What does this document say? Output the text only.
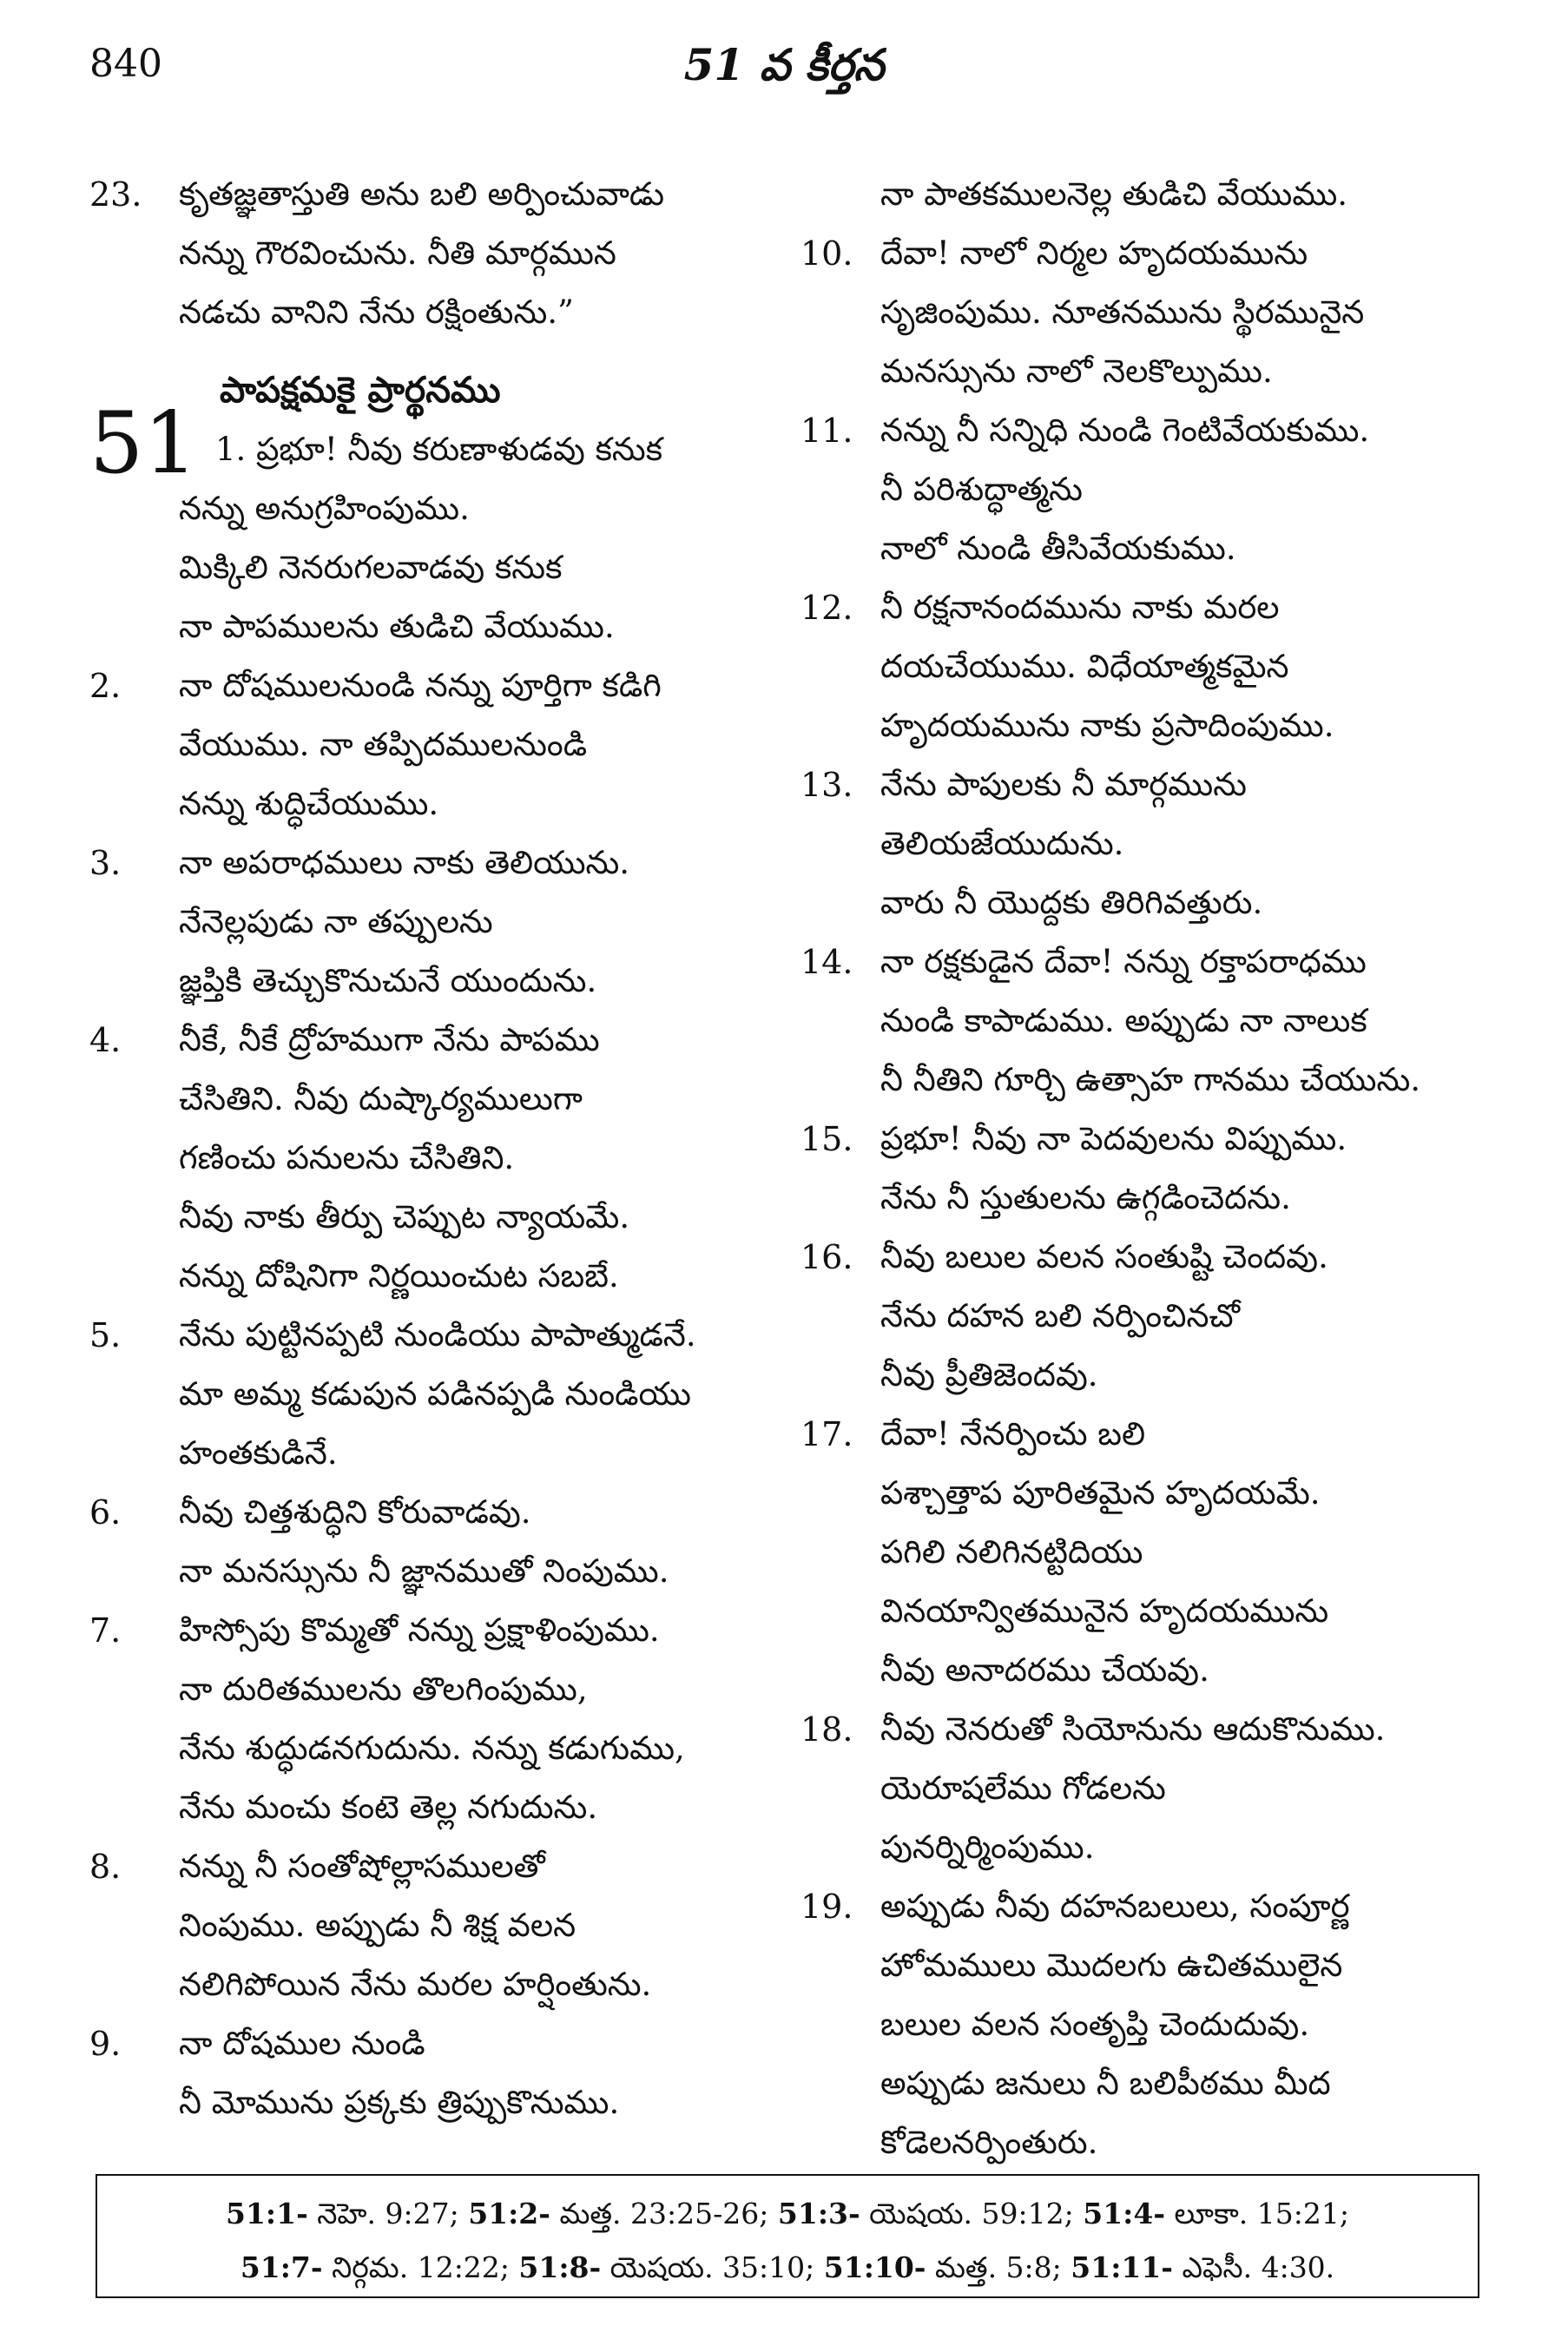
840	51 వ కీర్తన
23.	కృతజ్ఞతాస్తుతి అను బలి అర్పించువాడు
నన్ను గౌరవించును. నీతి మార్గమున
నడచు వానిని నేను రక్షింతును.”
పాపక్షమకై ప్రార్థనము
51 1. ప్రభూ! నీవు కరుణాళుడవు కనుక
నన్ను అనుగ్రహింపుము.
మిక్కిలి నెనరుగలవాడవు కనుక
నా పాపములను తుడిచి వేయుము.
2.	నా దోషములనుండి నన్ను పూర్తిగా కడిగి
వేయుము. నా తప్పిదములనుండి
నన్ను శుద్ధిచేయుము.
3.	నా అపరాధములు నాకు తెలియును.
నేనెల్లపుడు నా తప్పులను
జ్ఞప్తికి తెచ్చుకొనుచునే యుందును.
4.	నీకే, నీకే ద్రోహముగా నేను పాపము
చేసితిని. నీవు దుష్కార్యములుగా
గణించు పనులను చేసితిని.
నీవు నాకు తీర్పు చెప్పుట న్యాయమే.
నన్ను దోషినిగా నిర్ణయించుట సబబే.
5.	నేను పుట్టినప్పటి నుండియు పాపాత్ముడనే.
మా అమ్మ కడుపున పడినప్పడి నుండియు
హంతకుడినే.
6.	నీవు చిత్తశుద్ధిని కోరువాడవు.
నా మనస్సును నీ జ్ఞానముతో నింపుము.
7.	హిస్సోపు కొమ్మతో నన్ను ప్రక్షాళింపుము.
నా దురితములను తొలగింపుము,
నేను శుద్ధుడనగుదును. నన్ను కడుగుము,
నేను మంచు కంటె తెల్ల నగుదును.
8.	నన్ను నీ సంతోషోల్లాసములతో
నింపుము. అప్పుడు నీ శిక్ష వలన
నలిగిపోయిన నేను మరల హర్షింతును.
9.	నా దోషముల నుండి
నీ మోమును ప్రక్కకు త్రిప్పుకొనుము.
నా పాతకములనెల్ల తుడిచి వేయుము.
10. దేవా! నాలో నిర్మల హృదయమును
సృజింపుము. నూతనమును స్థిరమునైన
మనస్సును నాలో నెలకొల్పుము.
11. నన్ను నీ సన్నిధి నుండి గెంటివేయకుము.
నీ పరిశుద్ధాత్మను
నాలో నుండి తీసివేయకుము.
12. నీ రక్షనానందమును నాకు మరల
దయచేయుము. విధేయాత్మకమైన
హృదయమును నాకు ప్రసాదింపుము.
13. నేను పాపులకు నీ మార్గమును
తెలియజేయుదును.
వారు నీ యొద్దకు తిరిగివత్తురు.
14. నా రక్షకుడైన దేవా! నన్ను రక్తాపరాధము
నుండి కాపాడుము. అప్పుడు నా నాలుక
నీ నీతిని గూర్చి ఉత్సాహ గానము చేయును.
15. ప్రభూ! నీవు నా పెదవులను విప్పుము.
నేను నీ స్తుతులను ఉగ్గడించెదను.
16. నీవు బలుల వలన సంతుష్టి చెందవు.
నేను దహన బలి నర్పించినచో
నీవు ప్రీతిజెందవు.
17. దేవా! నేనర్పించు బలి
పశ్చాత్తాప పూరితమైన హృదయమే.
పగిలి నలిగినట్టిదియు
వినయాన్వితమునైన హృదయమును
నీవు అనాదరము చేయవు.
18. నీవు నెనరుతో సియోనును ఆదుకొనుము.
యెరూషలేము గోడలను
పునర్నిర్మింపుము.
19. అప్పుడు నీవు దహనబలులు, సంపూర్ణ
హోమములు మొదలగు ఉచితములైన
బలుల వలన సంతృప్తి చెందుదువు.
అప్పుడు జనులు నీ బలిపీఠము మీద
కోడెలనర్పింతురు.
51:1- నెహె. 9:27; 51:2- మత్త. 23:25-26; 51:3- యెషయ. 59:12; 51:4- లూకా. 15:21;
51:7- నిర్గమ. 12:22; 51:8- యెషయ. 35:10; 51:10- మత్త. 5:8; 51:11- ఎఫెసీ. 4:30.
